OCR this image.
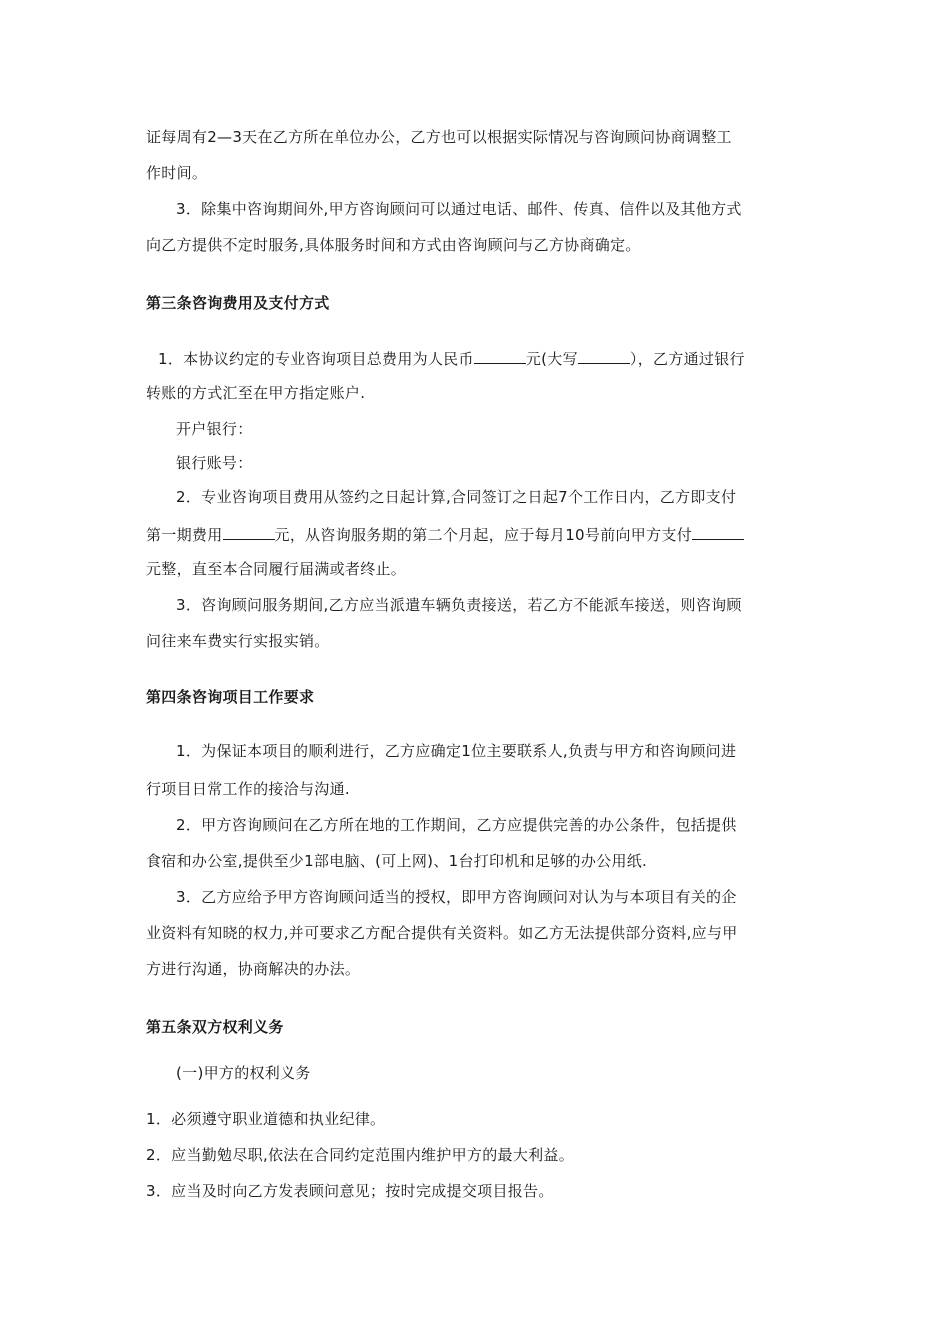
证每周有2—3天在乙方所在单位办公，乙方也可以根据实际情况与咨询顾问协商调整工

作时间。

3．除集中咨询期间外,甲方咨询顾问可以通过电话、邮件、传真、信件以及其他方式

向乙方提供不定时服务,具体服务时间和方式由咨询顾问与乙方协商确定。

第三条咨询费用及支付方式

1．本协议约定的专业咨询项目总费用为人民币	元(大写	），乙方通过银行

转账的方式汇至在甲方指定账户.

开户银行：

银行账号：

2．专业咨询项目费用从签约之日起计算,合同签订之日起7个工作日内，乙方即支付

第一期费用	元，从咨询服务期的第二个月起，应于每月10号前向甲方支付

元整，直至本合同履行届满或者终止。

3．咨询顾问服务期间,乙方应当派遣车辆负责接送，若乙方不能派车接送，则咨询顾

问往来车费实行实报实销。

第四条咨询项目工作要求

1．为保证本项目的顺利进行，乙方应确定1位主要联系人,负责与甲方和咨询顾问进

行项目日常工作的接洽与沟通.

2．甲方咨询顾问在乙方所在地的工作期间，乙方应提供完善的办公条件，包括提供

食宿和办公室,提供至少1部电脑、(可上网)、1台打印机和足够的办公用纸.

3．乙方应给予甲方咨询顾问适当的授权，即甲方咨询顾问对认为与本项目有关的企

业资料有知晓的权力,并可要求乙方配合提供有关资料。如乙方无法提供部分资料,应与甲

方进行沟通，协商解决的办法。

第五条双方权利义务

(一)甲方的权利义务

1．必须遵守职业道德和执业纪律。

2．应当勤勉尽职,依法在合同约定范围内维护甲方的最大利益。

3．应当及时向乙方发表顾问意见；按时完成提交项目报告。
